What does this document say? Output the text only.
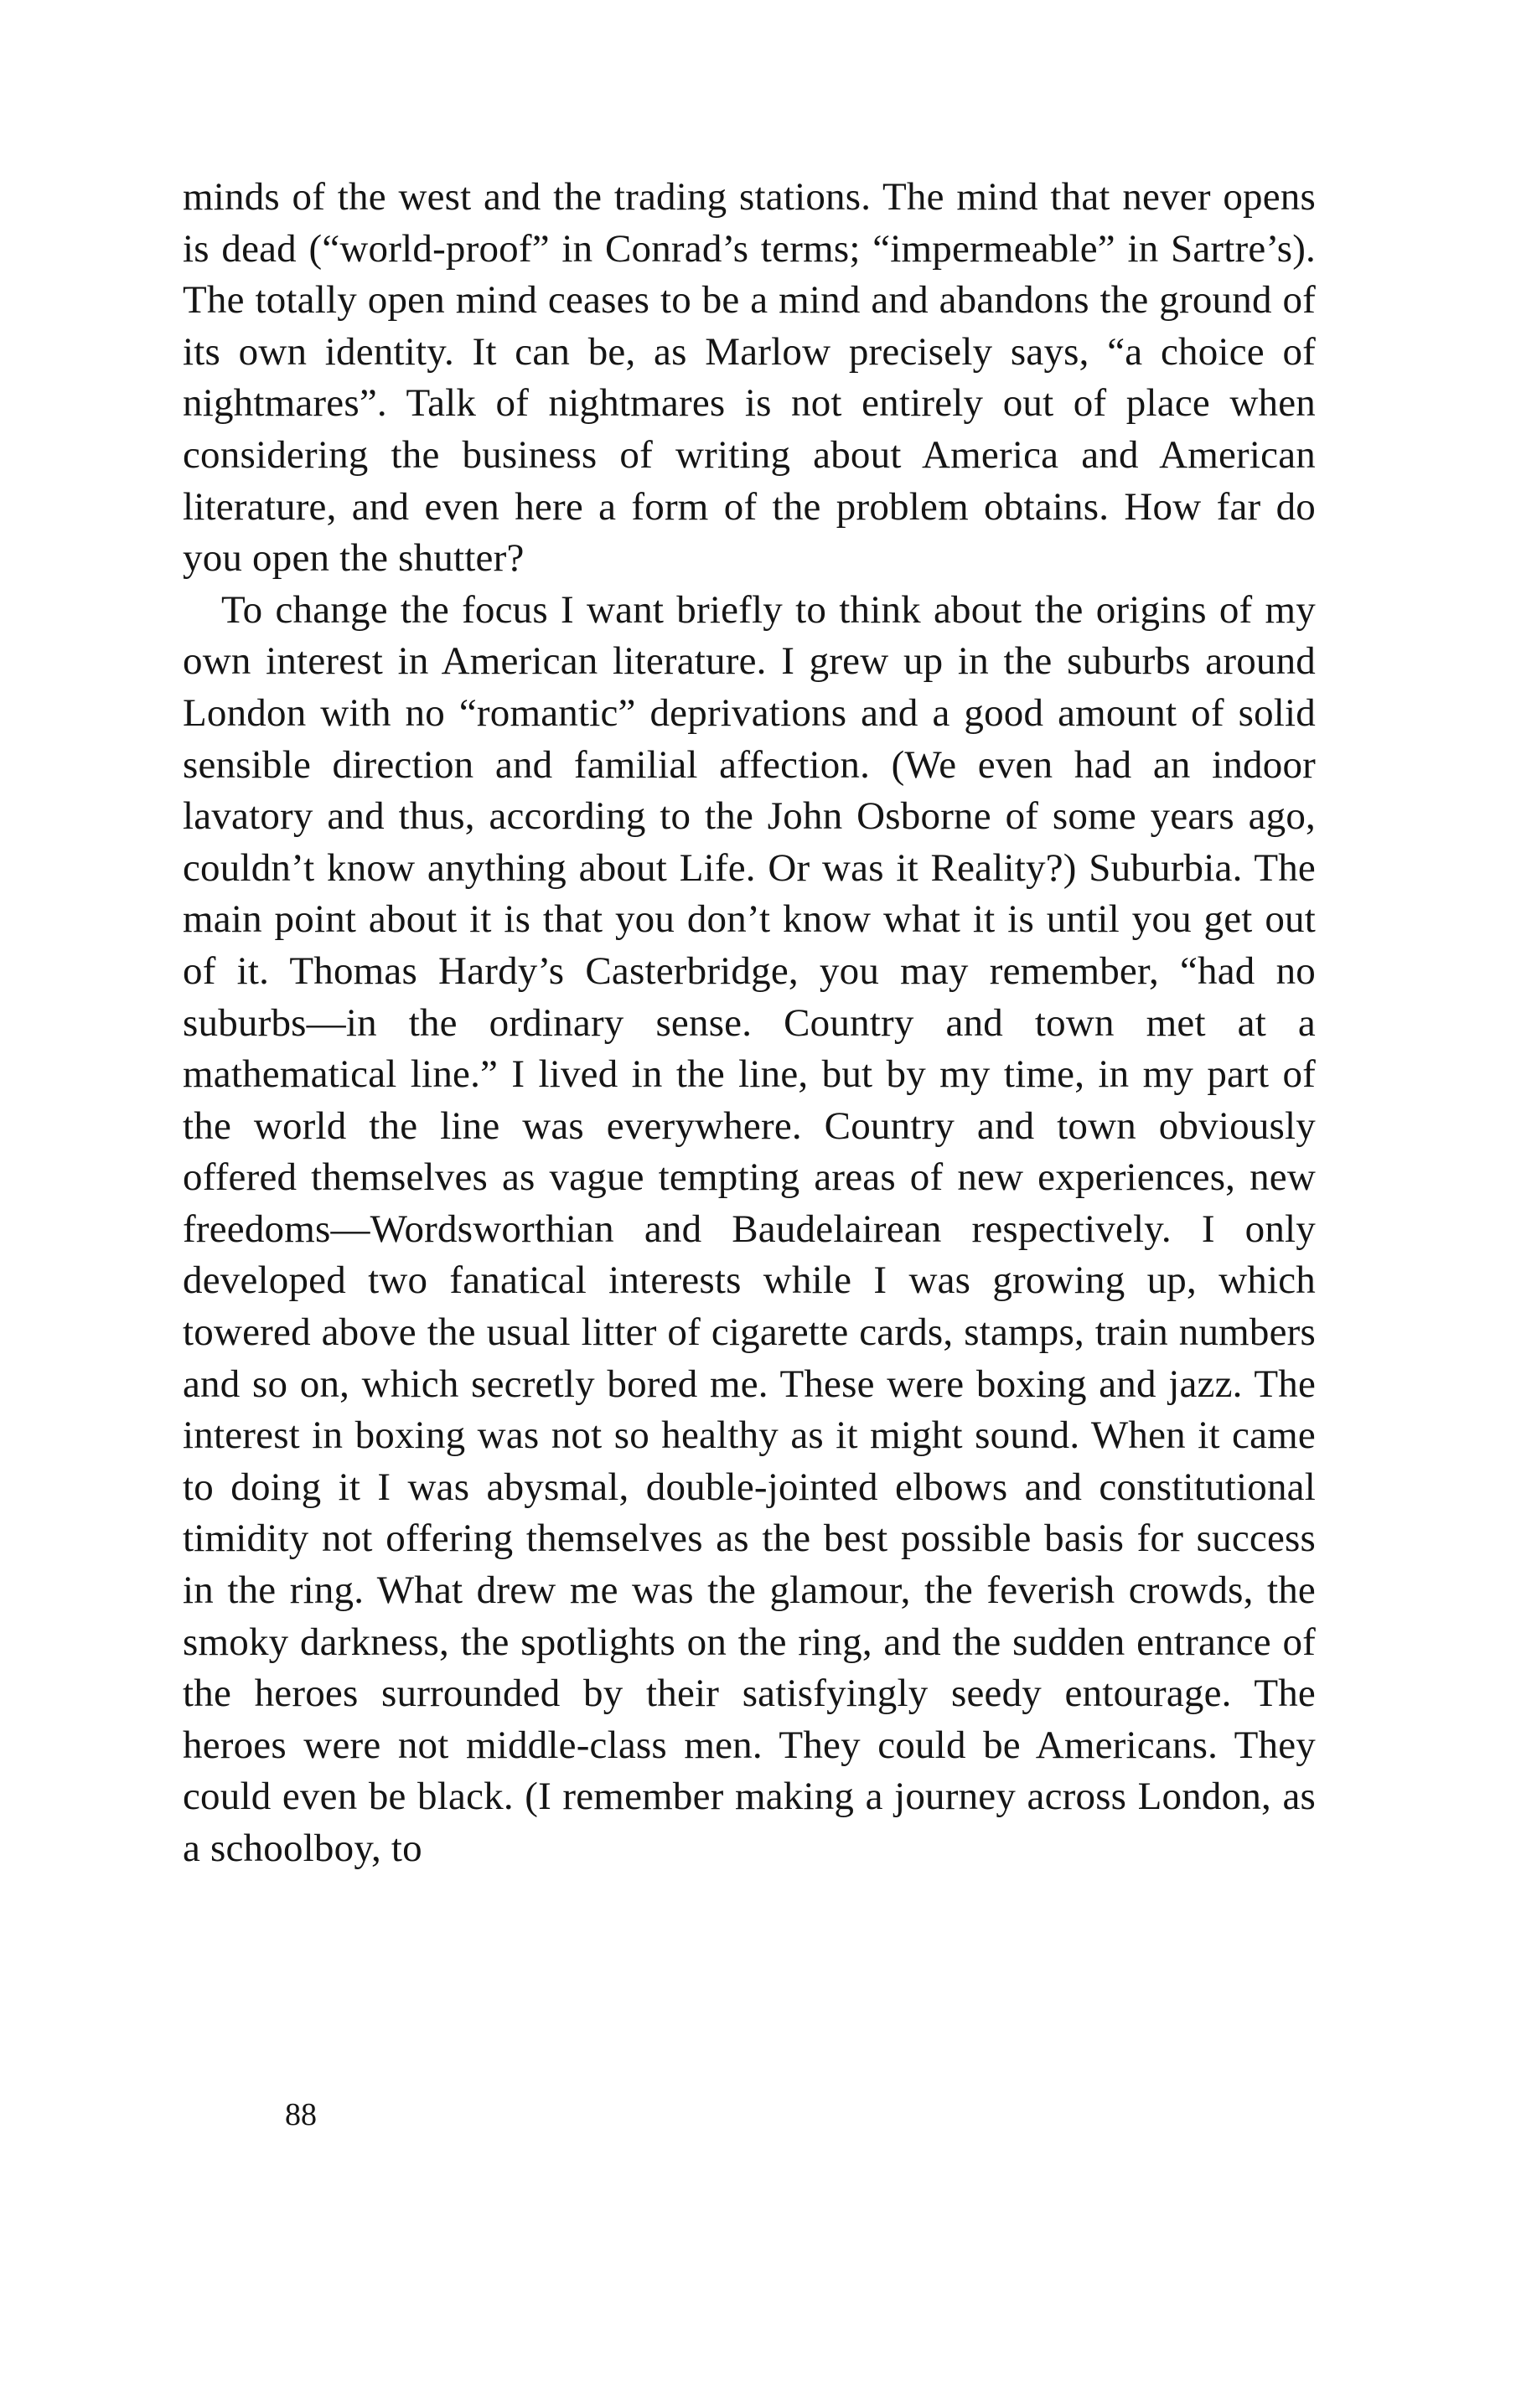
minds of the west and the trading stations. The mind that never opens is dead (“world-proof” in Conrad’s terms; “impermeable” in Sartre’s). The totally open mind ceases to be a mind and abandons the ground of its own identity. It can be, as Marlow precisely says, “a choice of nightmares”. Talk of nightmares is not entirely out of place when considering the business of writing about America and American literature, and even here a form of the problem obtains. How far do you open the shutter?

To change the focus I want briefly to think about the origins of my own interest in American literature. I grew up in the suburbs around London with no “romantic” deprivations and a good amount of solid sensible direction and familial affection. (We even had an indoor lavatory and thus, according to the John Osborne of some years ago, couldn’t know anything about Life. Or was it Reality?) Suburbia. The main point about it is that you don’t know what it is until you get out of it. Thomas Hardy’s Casterbridge, you may remember, “had no suburbs—in the ordinary sense. Country and town met at a mathematical line.” I lived in the line, but by my time, in my part of the world the line was everywhere. Country and town obviously offered themselves as vague tempting areas of new experiences, new freedoms—Wordsworthian and Baudelairean respectively. I only developed two fanatical interests while I was growing up, which towered above the usual litter of cigarette cards, stamps, train numbers and so on, which secretly bored me. These were boxing and jazz. The interest in boxing was not so healthy as it might sound. When it came to doing it I was abysmal, double-jointed elbows and constitutional timidity not offering themselves as the best possible basis for success in the ring. What drew me was the glamour, the feverish crowds, the smoky darkness, the spotlights on the ring, and the sudden entrance of the heroes surrounded by their satisfyingly seedy entourage. The heroes were not middle-class men. They could be Americans. They could even be black. (I remember making a journey across London, as a schoolboy, to

88
